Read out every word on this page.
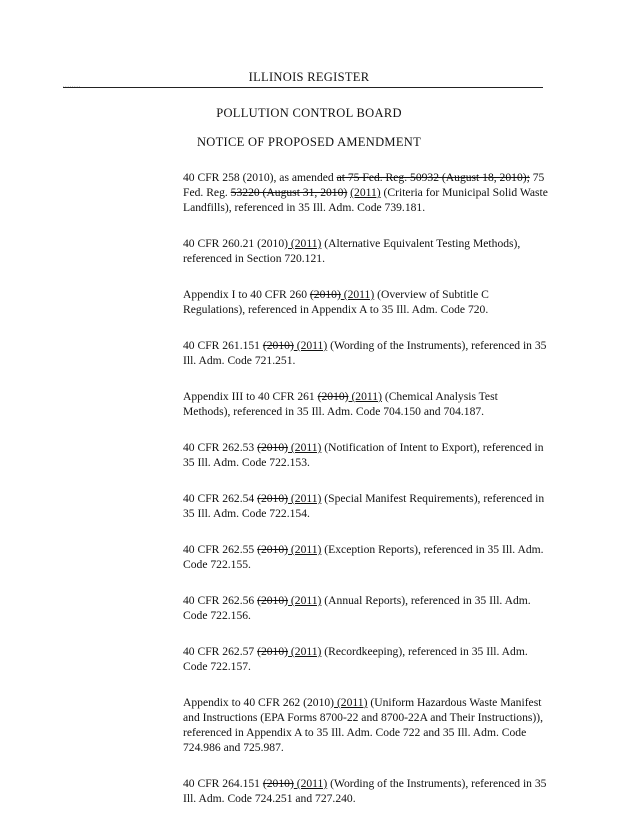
........
ILLINOIS REGISTER
POLLUTION CONTROL BOARD
NOTICE OF PROPOSED AMENDMENT
40 CFR 258 (2010), as amended at 75 Fed. Reg. 50932 (August 18, 2010); 75 Fed. Reg. 53220 (August 31, 2010) (2011) (Criteria for Municipal Solid Waste Landfills), referenced in 35 Ill. Adm. Code 739.181.
40 CFR 260.21 (2010) (2011) (Alternative Equivalent Testing Methods), referenced in Section 720.121.
Appendix I to 40 CFR 260 (2010) (2011) (Overview of Subtitle C Regulations), referenced in Appendix A to 35 Ill. Adm. Code 720.
40 CFR 261.151 (2010) (2011) (Wording of the Instruments), referenced in 35 Ill. Adm. Code 721.251.
Appendix III to 40 CFR 261 (2010) (2011) (Chemical Analysis Test Methods), referenced in 35 Ill. Adm. Code 704.150 and 704.187.
40 CFR 262.53 (2010) (2011) (Notification of Intent to Export), referenced in 35 Ill. Adm. Code 722.153.
40 CFR 262.54 (2010) (2011) (Special Manifest Requirements), referenced in 35 Ill. Adm. Code 722.154.
40 CFR 262.55 (2010) (2011) (Exception Reports), referenced in 35 Ill. Adm. Code 722.155.
40 CFR 262.56 (2010) (2011) (Annual Reports), referenced in 35 Ill. Adm. Code 722.156.
40 CFR 262.57 (2010) (2011) (Recordkeeping), referenced in 35 Ill. Adm. Code 722.157.
Appendix to 40 CFR 262 (2010) (2011) (Uniform Hazardous Waste Manifest and Instructions (EPA Forms 8700-22 and 8700-22A and Their Instructions)), referenced in Appendix A to 35 Ill. Adm. Code 722 and 35 Ill. Adm. Code 724.986 and 725.987.
40 CFR 264.151 (2010) (2011) (Wording of the Instruments), referenced in 35 Ill. Adm. Code 724.251 and 727.240.
